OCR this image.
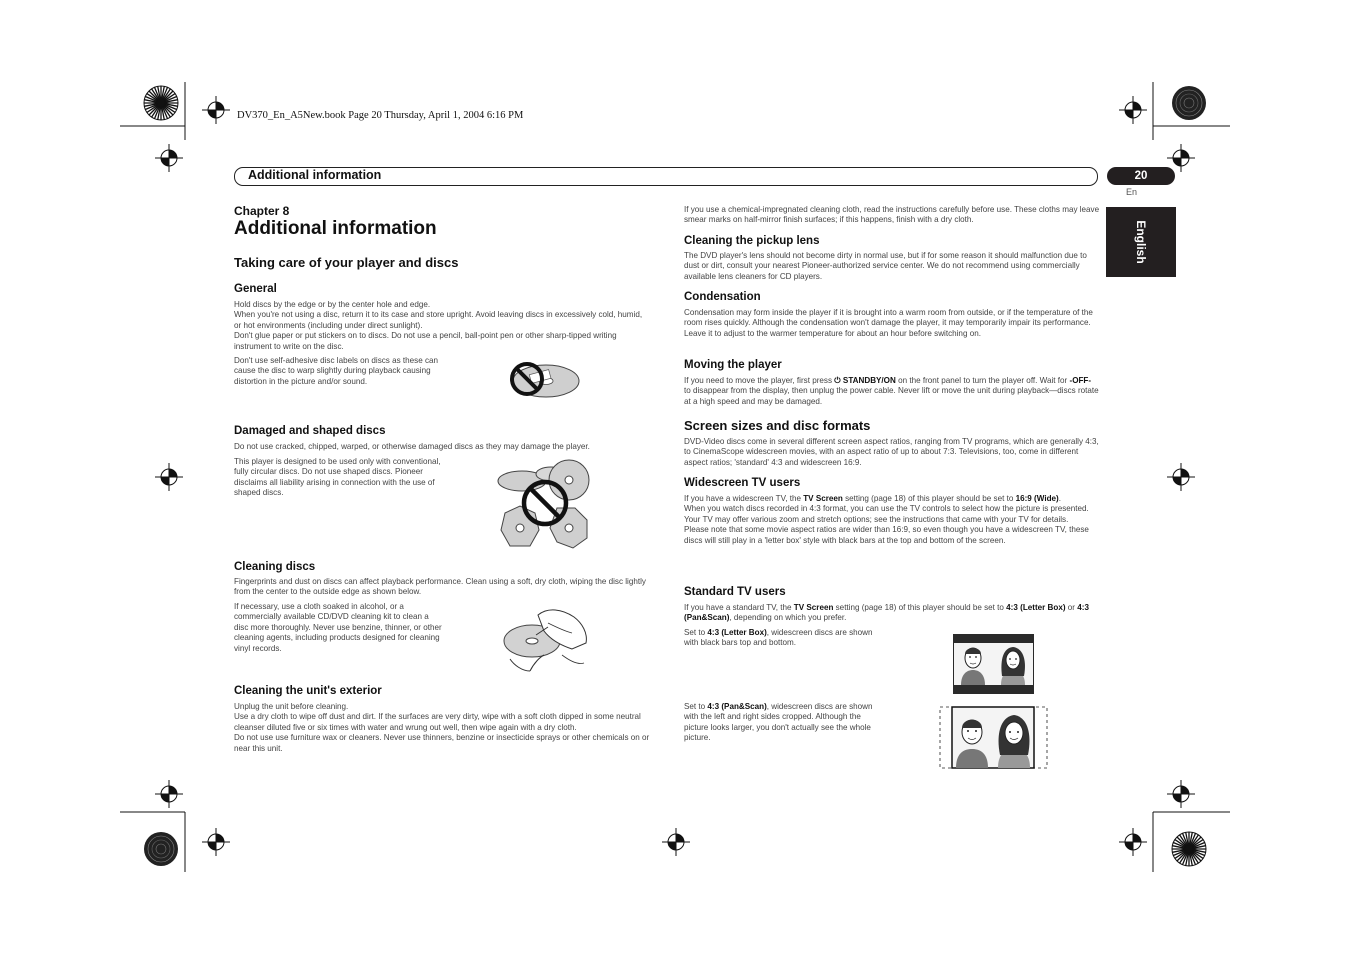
DV370_En_A5New.book Page 20 Thursday, April 1, 2004 6:16 PM
Additional information	20
En
English
Chapter 8
Additional information
Taking care of your player and discs
General

Hold discs by the edge or by the center hole and edge.

When you're not using a disc, return it to its case and store upright. Avoid leaving discs in excessively cold, humid, or hot environments (including under direct sunlight).

Don't glue paper or put stickers on to discs. Do not use a pencil, ball-point pen or other sharp-tipped writing instrument to write on the disc.

Don't use self-adhesive disc labels on discs as these can cause the disc to warp slightly during playback causing distortion in the picture and/or sound.
Damaged and shaped discs
Do not use cracked, chipped, warped, or otherwise damaged discs as they may damage the player.
This player is designed to be used only with conventional, fully circular discs. Do not use shaped discs. Pioneer disclaims all liability arising in connection with the use of shaped discs.
Cleaning discs
Fingerprints and dust on discs can affect playback performance. Clean using a soft, dry cloth, wiping the disc lightly from the center to the outside edge as shown below.
If necessary, use a cloth soaked in alcohol, or a commercially available CD/DVD cleaning kit to clean a disc more thoroughly. Never use benzine, thinner, or other cleaning agents, including products designed for cleaning vinyl records.
Cleaning the unit's exterior

Unplug the unit before cleaning.

Use a dry cloth to wipe off dust and dirt. If the surfaces are very dirty, wipe with a soft cloth dipped in some neutral cleanser diluted five or six times with water and wrung out well, then wipe again with a dry cloth.

Do not use use furniture wax or cleaners. Never use thinners, benzine or insecticide sprays or other chemicals on or near this unit.

If you use a chemical-impregnated cleaning cloth, read the instructions carefully before use. These cloths may leave smear marks on half-mirror finish surfaces; if this happens, finish with a dry cloth.
Cleaning the pickup lens
The DVD player's lens should not become dirty in normal use, but if for some reason it should malfunction due to dust or dirt, consult your nearest Pioneer-authorized service center. We do not recommend using commercially available lens cleaners for CD players.
Condensation
Condensation may form inside the player if it is brought into a warm room from outside, or if the temperature of the room rises quickly. Although the condensation won't damage the player, it may temporarily impair its performance. Leave it to adjust to the warmer temperature for about an hour before switching on.
Moving the player
If you need to move the player, first press ⏻ STANDBY/ON on the front panel to turn the player off. Wait for -OFF- to disappear from the display, then unplug the power cable. Never lift or move the unit during playback—discs rotate at a high speed and may be damaged.
Screen sizes and disc formats
DVD-Video discs come in several different screen aspect ratios, ranging from TV programs, which are generally 4:3, to CinemaScope widescreen movies, with an aspect ratio of up to about 7:3. Televisions, too, come in different aspect ratios; 'standard' 4:3 and widescreen 16:9.
Widescreen TV users

If you have a widescreen TV, the TV Screen setting (page 18) of this player should be set to 16:9 (Wide).

When you watch discs recorded in 4:3 format, you can use the TV controls to select how the picture is presented. Your TV may offer various zoom and stretch options; see the instructions that came with your TV for details.

Please note that some movie aspect ratios are wider than 16:9, so even though you have a widescreen TV, these discs will still play in a 'letter box' style with black bars at the top and bottom of the screen.

Standard TV users
If you have a standard TV, the TV Screen setting (page 18) of this player should be set to 4:3 (Letter Box) or 4:3 (Pan&Scan), depending on which you prefer.
Set to 4:3 (Letter Box), widescreen discs are shown with black bars top and bottom.
Set to 4:3 (Pan&Scan), widescreen discs are shown with the left and right sides cropped. Although the picture looks larger, you don't actually see the whole picture.
